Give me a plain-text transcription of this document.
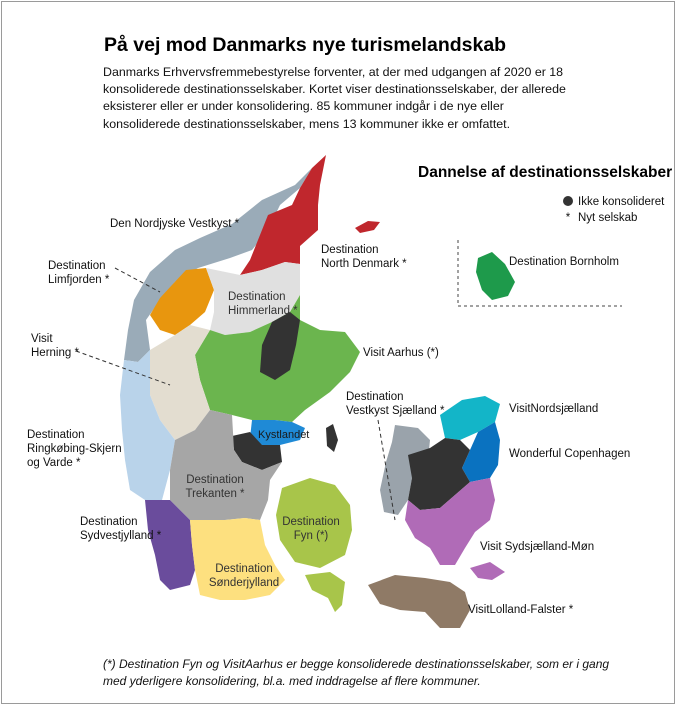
På vej mod Danmarks nye turismelandskab
Danmarks Erhvervsfremmebestyrelse forventer, at der med udgangen af 2020 er 18 konsoliderede destinationsselskaber. Kortet viser destinationsselskaber, der allerede eksisterer eller er under konsolidering. 85 kommuner indgår i de nye eller konsoliderede destinationsselskaber, mens 13 kommuner ikke er omfattet.
Dannelse af destinationsselskaber
Ikke konsolideret
* Nyt selskab
Den Nordjyske Vestkyst *
Destination
North Denmark *
Destination
Limfjorden *
Destination
Himmerland *
Destination Bornholm
Visit
Herning *	Visit Aarhus (*)
Destination
Vestkyst Sjælland *	VisitNordsjælland
Destination
Ringkøbing-Skjern
og Varde *
Kystlandet
Wonderful Copenhagen
Destination
Trekanten *
Destination
Sydvestjylland *
Destination
Fyn (*)
Visit Sydsjælland-Møn
Destination
Sønderjylland
VisitLolland-Falster *
(*) Destination Fyn og VisitAarhus er begge konsoliderede destinationsselskaber, som er i gang med yderligere konsolidering, bl.a. med inddragelse af flere kommuner.
